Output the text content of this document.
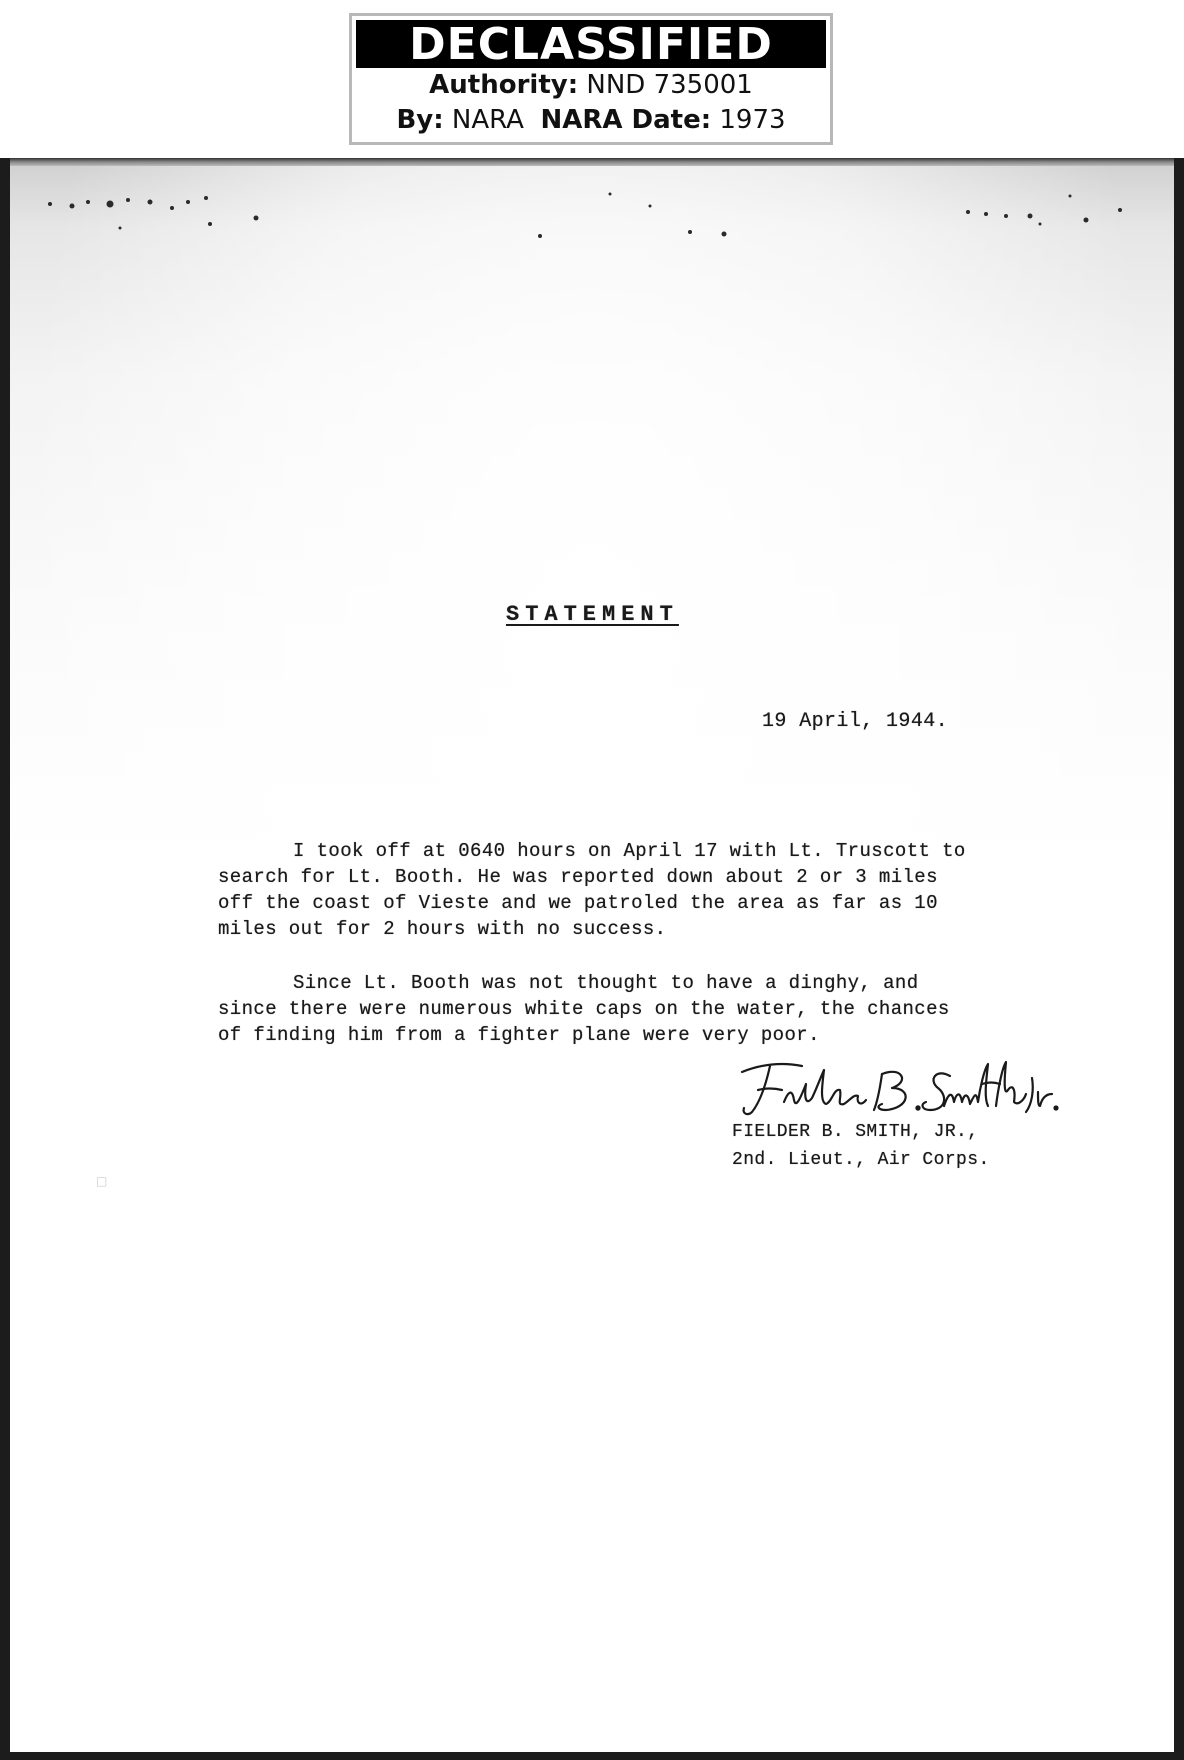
DECLASSIFIED
Authority: NND 735001
By: NARA NARA Date: 1973
STATEMENT
19 April, 1944.
I took off at 0640 hours on April 17 with Lt. Truscott to
search for Lt. Booth. He was reported down about 2 or 3 miles
off the coast of Vieste and we patroled the area as far as 10
miles out for 2 hours with no success.
Since Lt. Booth was not thought to have a dinghy, and
since there were numerous white caps on the water, the chances
of finding him from a fighter plane were very poor.
FIELDER B. SMITH, JR.,
2nd. Lieut., Air Corps.
□
